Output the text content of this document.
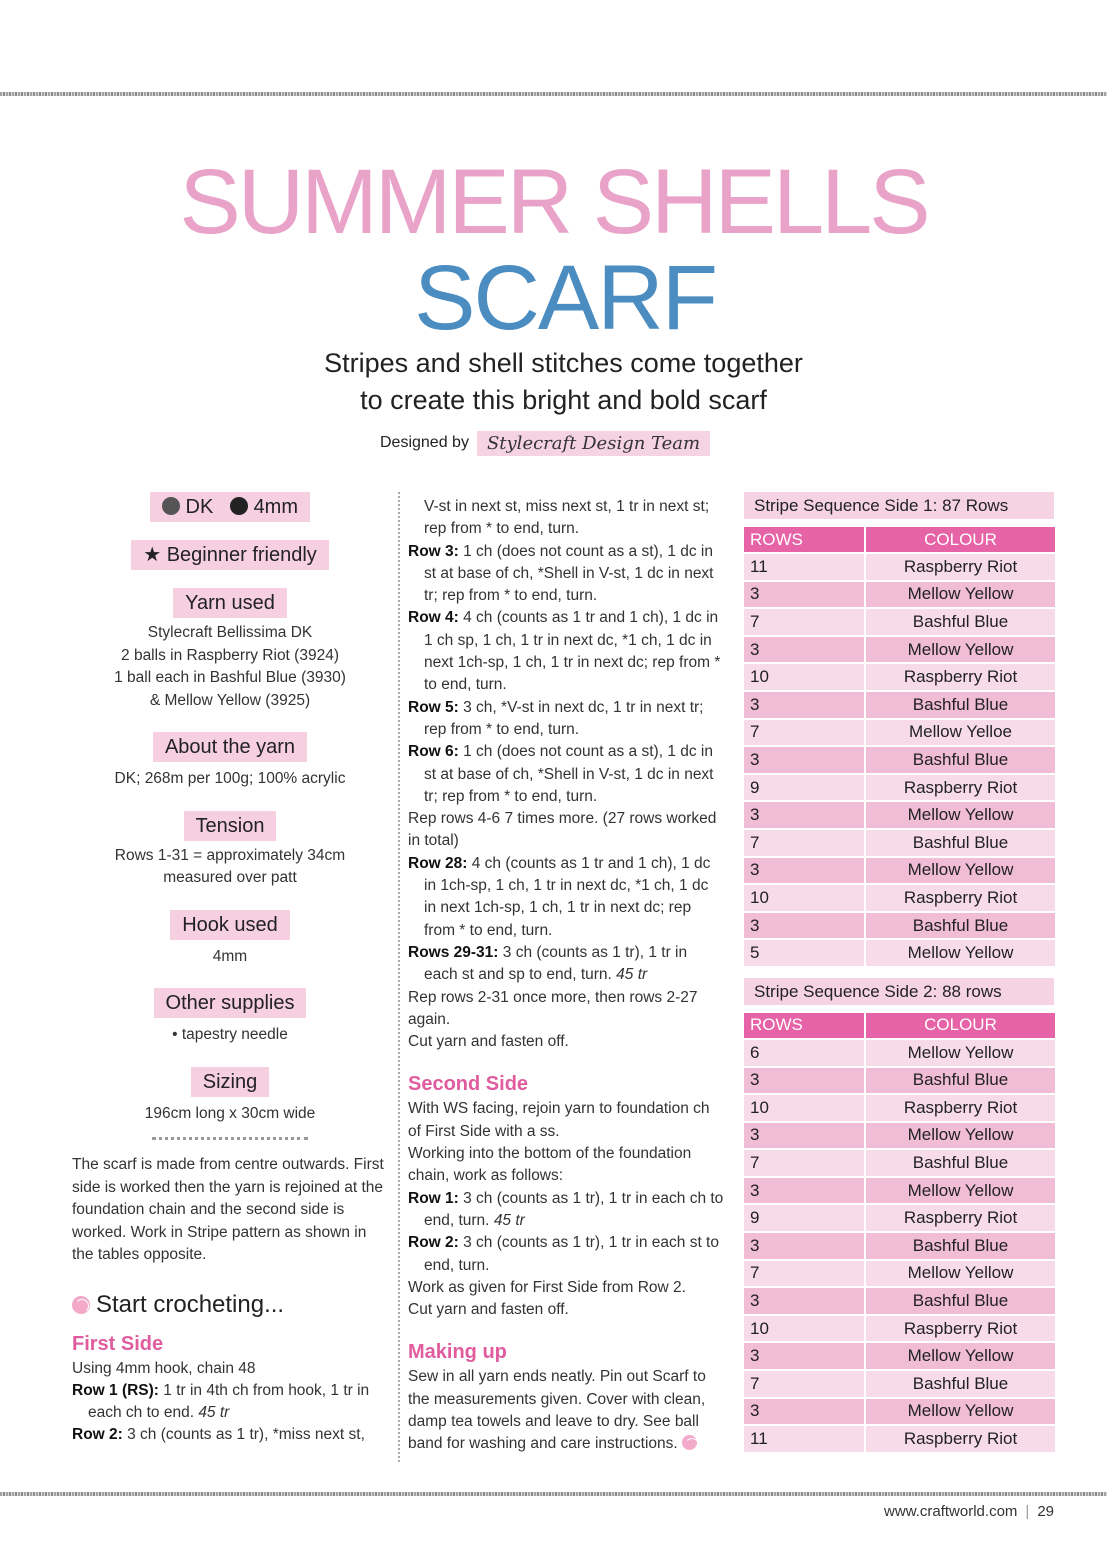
SUMMER SHELLS
SCARF
Stripes and shell stitches come together
to create this bright and bold scarf
Designed by	Stylecraft Design Team
DK 4mm
★ Beginner friendly
Yarn used
Stylecraft Bellissima DK
2 balls in Raspberry Riot (3924)
1 ball each in Bashful Blue (3930)
& Mellow Yellow (3925)
About the yarn
DK; 268m per 100g; 100% acrylic
Tension
Rows 1-31 = approximately 34cm
measured over patt
Hook used
4mm
Other supplies
• tapestry needle
Sizing
196cm long x 30cm wide
The scarf is made from centre outwards. First side is worked then the yarn is rejoined at the foundation chain and the second side is worked. Work in Stripe pattern as shown in the tables opposite.
Start crocheting...
First Side

Using 4mm hook, chain 48

Row 1 (RS): 1 tr in 4th ch from hook, 1 tr in each ch to end. 45 tr

Row 2: 3 ch (counts as 1 tr), *miss next st,

V-st in next st, miss next st, 1 tr in next st; rep from * to end, turn.

Row 3: 1 ch (does not count as a st), 1 dc in st at base of ch, *Shell in V-st, 1 dc in next tr; rep from * to end, turn.

Row 4: 4 ch (counts as 1 tr and 1 ch), 1 dc in 1 ch sp, 1 ch, 1 tr in next dc, *1 ch, 1 dc in next 1ch-sp, 1 ch, 1 tr in next dc; rep from * to end, turn.

Row 5: 3 ch, *V-st in next dc, 1 tr in next tr; rep from * to end, turn.

Row 6: 1 ch (does not count as a st), 1 dc in st at base of ch, *Shell in V-st, 1 dc in next tr; rep from * to end, turn.

Rep rows 4-6 7 times more. (27 rows worked in total)

Row 28: 4 ch (counts as 1 tr and 1 ch), 1 dc in 1ch-sp, 1 ch, 1 tr in next dc, *1 ch, 1 dc in next 1ch-sp, 1 ch, 1 tr in next dc; rep from * to end, turn.

Rows 29-31: 3 ch (counts as 1 tr), 1 tr in each st and sp to end, turn. 45 tr

Rep rows 2-31 once more, then rows 2-27 again.

Cut yarn and fasten off.

Second Side

With WS facing, rejoin yarn to foundation ch of First Side with a ss.

Working into the bottom of the foundation chain, work as follows:

Row 1: 3 ch (counts as 1 tr), 1 tr in each ch to end, turn. 45 tr

Row 2: 3 ch (counts as 1 tr), 1 tr in each st to end, turn.

Work as given for First Side from Row 2.

Cut yarn and fasten off.

Making up

Sew in all yarn ends neatly. Pin out Scarf to the measurements given. Cover with clean, damp tea towels and leave to dry. See ball band for washing and care instructions.

Stripe Sequence Side 1: 87 Rows
ROWS	COLOUR
11	Raspberry Riot
3	Mellow Yellow
7	Bashful Blue
3	Mellow Yellow
10	Raspberry Riot
3	Bashful Blue
7	Mellow Yelloe
3	Bashful Blue
9	Raspberry Riot
3	Mellow Yellow
7	Bashful Blue
3	Mellow Yellow
10	Raspberry Riot
3	Bashful Blue
5	Mellow Yellow
Stripe Sequence Side 2: 88 rows
ROWS	COLOUR
6	Mellow Yellow
3	Bashful Blue
10	Raspberry Riot
3	Mellow Yellow
7	Bashful Blue
3	Mellow Yellow
9	Raspberry Riot
3	Bashful Blue
7	Mellow Yellow
3	Bashful Blue
10	Raspberry Riot
3	Mellow Yellow
7	Bashful Blue
3	Mellow Yellow
11	Raspberry Riot
www.craftworld.com | 29
